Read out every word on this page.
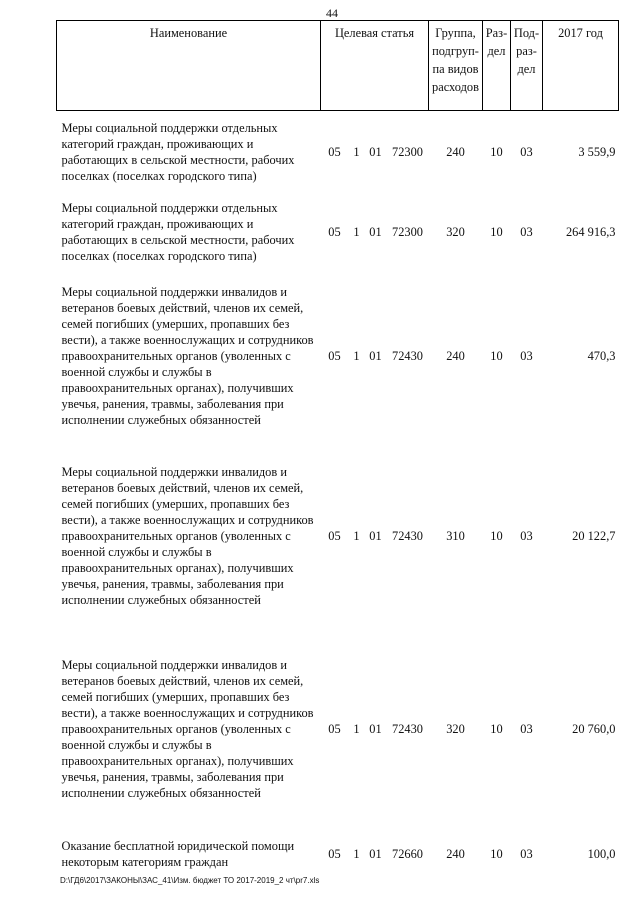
44
Наименование	Целевая статья				Группа, подгруппа видов расходов	Раздел	Подраздел	2017 год
Меры социальной поддержки отдельных категорий граждан, проживающих и работающих в сельской местности, рабочих поселках (поселках городского типа)	05	1	01	72300	240	10	03	3 559,9
Меры социальной поддержки отдельных категорий граждан, проживающих и работающих в сельской местности, рабочих поселках (поселках городского типа)	05	1	01	72300	320	10	03	264 916,3
Меры социальной поддержки инвалидов и ветеранов боевых действий, членов их семей, семей погибших (умерших, пропавших без вести), а также военнослужащих и сотрудников правоохранительных органов (уволенных с военной службы и службы в правоохранительных органах), получивших увечья, ранения, травмы, заболевания при исполнении служебных обязанностей	05	1	01	72430	240	10	03	470,3
Меры социальной поддержки инвалидов и ветеранов боевых действий, членов их семей, семей погибших (умерших, пропавших без вести), а также военнослужащих и сотрудников правоохранительных органов (уволенных с военной службы и службы в правоохранительных органах), получивших увечья, ранения, травмы, заболевания при исполнении служебных обязанностей	05	1	01	72430	310	10	03	20 122,7
Меры социальной поддержки инвалидов и ветеранов боевых действий, членов их семей, семей погибших (умерших, пропавших без вести), а также военнослужащих и сотрудников правоохранительных органов (уволенных с военной службы и службы в правоохранительных органах), получивших увечья, ранения, травмы, заболевания при исполнении служебных обязанностей	05	1	01	72430	320	10	03	20 760,0
Оказание бесплатной юридической помощи некоторым категориям граждан	05	1	01	72660	240	10	03	100,0
D:\ГД6\2017\ЗАКОНЫ\ЗАС_41\Изм. бюджет ТО 2017-2019_2 чт\pr7.xls
